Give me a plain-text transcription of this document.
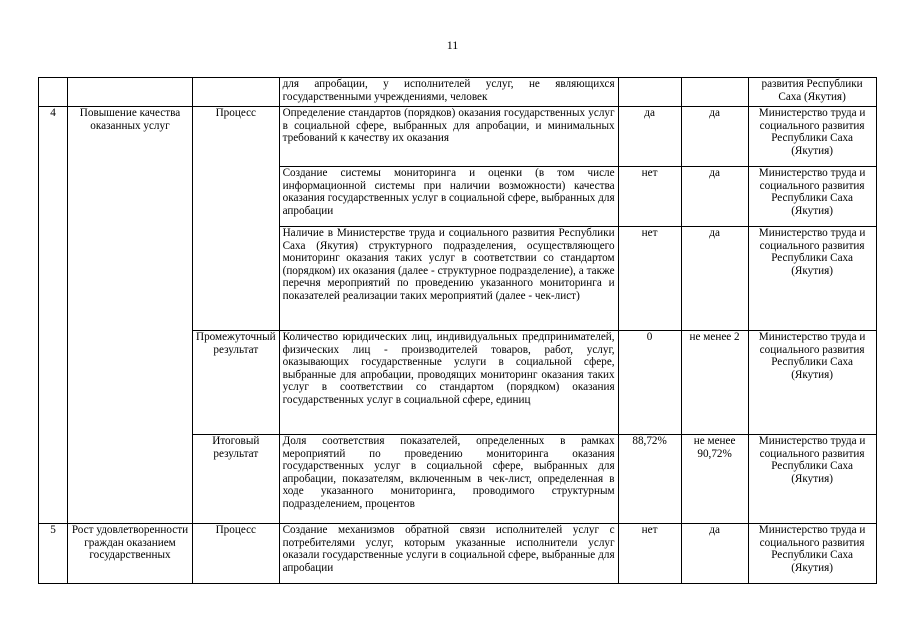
11
			для апробации, у исполнителей услуг, не являющихся государственными учреждениями, человек			развития Республики Саха (Якутия)
4	Повышение качества оказанных услуг	Процесс	Определение стандартов (порядков) оказания государственных услуг в социальной сфере, выбранных для апробации, и минимальных требований к качеству их оказания	да	да	Министерство труда и социального развития Республики Саха (Якутия)
			Создание системы мониторинга и оценки (в том числе информационной системы при наличии возможности) качества оказания государственных услуг в социальной сфере, выбранных для апробации	нет	да	Министерство труда и социального развития Республики Саха (Якутия)
			Наличие в Министерстве труда и социального развития Республики Саха (Якутия) структурного подразделения, осуществляющего мониторинг оказания таких услуг в соответствии со стандартом (порядком) их оказания (далее - структурное подразделение), а также перечня мероприятий по проведению указанного мониторинга и показателей реализации таких мероприятий (далее - чек-лист)	нет	да	Министерство труда и социального развития Республики Саха (Якутия)
		Промежуточный результат	Количество юридических лиц, индивидуальных предпринимателей, физических лиц - производителей товаров, работ, услуг, оказывающих государственные услуги в социальной сфере, выбранные для апробации, проводящих мониторинг оказания таких услуг в соответствии со стандартом (порядком) оказания государственных услуг в социальной сфере, единиц	0	не менее 2	Министерство труда и социального развития Республики Саха (Якутия)
		Итоговый результат	Доля соответствия показателей, определенных в рамках мероприятий по проведению мониторинга оказания государственных услуг в социальной сфере, выбранных для апробации, показателям, включенным в чек-лист, определенная в ходе указанного мониторинга, проводимого структурным подразделением, процентов	88,72%	не менее 90,72%	Министерство труда и социального развития Республики Саха (Якутия)
5	Рост удовлетворенности граждан оказанием государственных	Процесс	Создание механизмов обратной связи исполнителей услуг с потребителями услуг, которым указанные исполнители услуг оказали государственные услуги в социальной сфере, выбранные для апробации	нет	да	Министерство труда и социального развития Республики Саха (Якутия)
